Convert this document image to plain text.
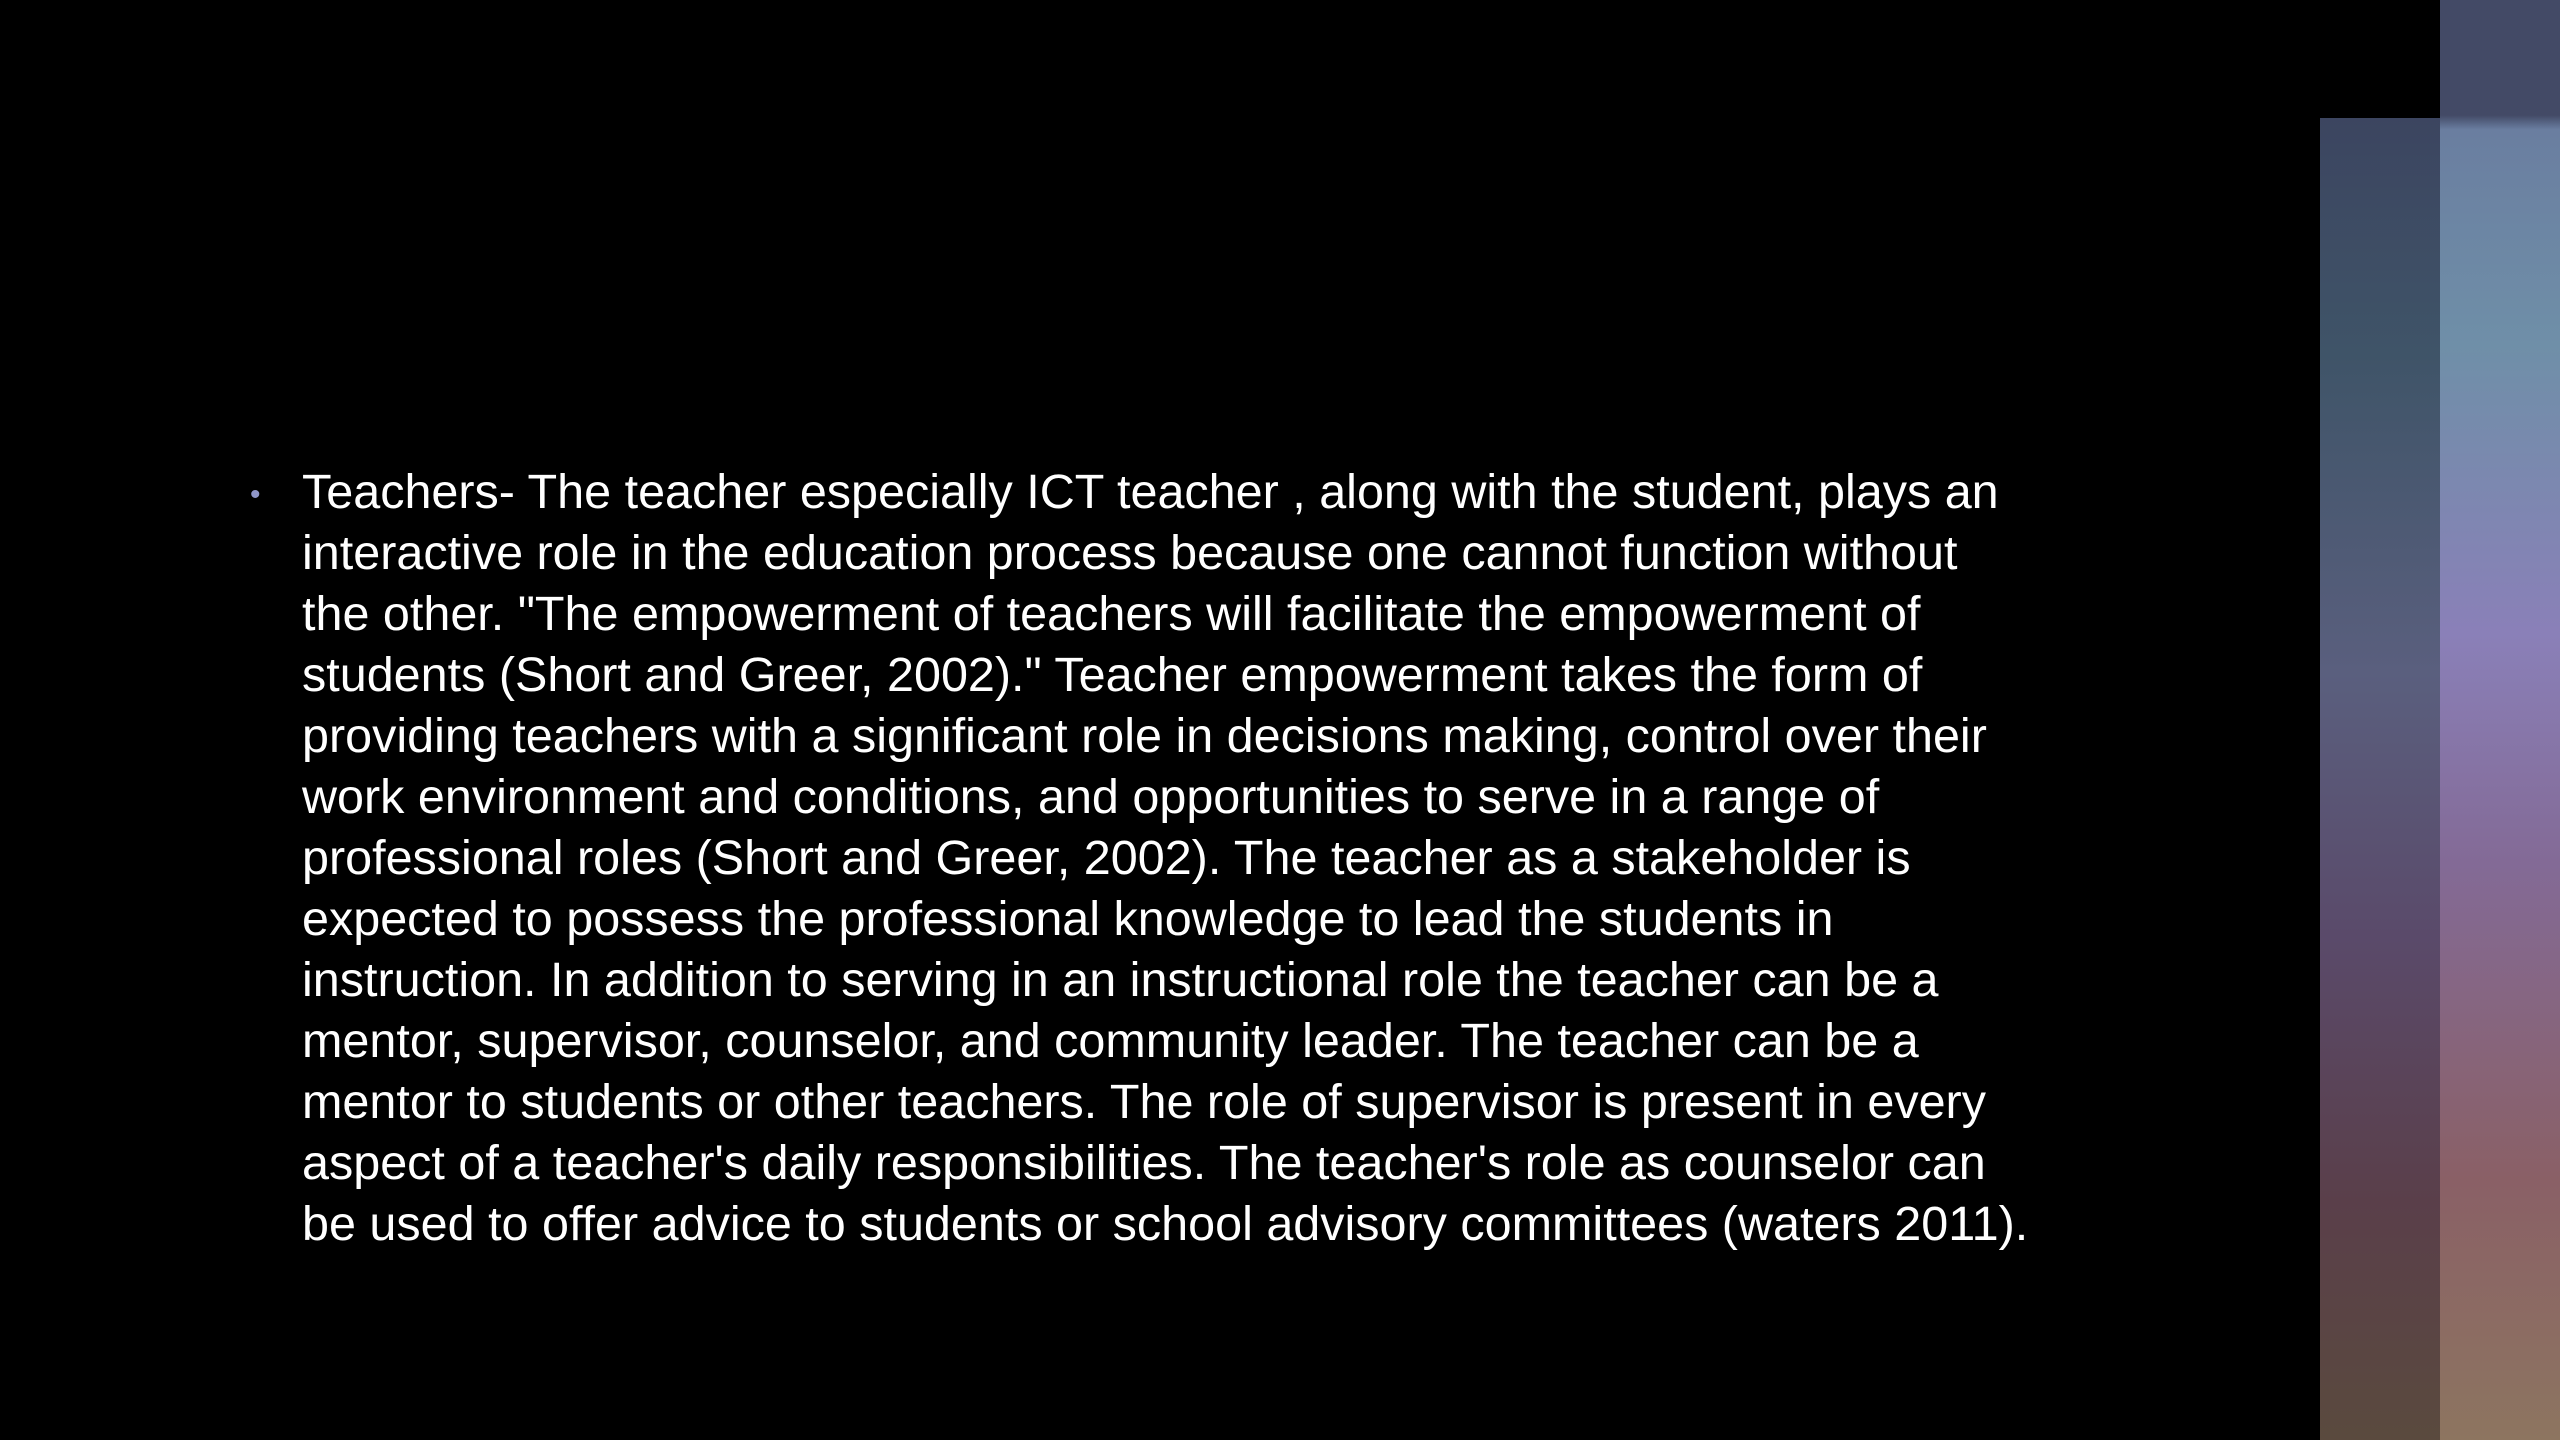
• Teachers- The teacher especially ICT teacher , along with the student, plays an
interactive role in the education process because one cannot function without
the other. "The empowerment of teachers will facilitate the empowerment of
students (Short and Greer, 2002)." Teacher empowerment takes the form of
providing teachers with a significant role in decisions making, control over their
work environment and conditions, and opportunities to serve in a range of
professional roles (Short and Greer, 2002). The teacher as a stakeholder is
expected to possess the professional knowledge to lead the students in
instruction. In addition to serving in an instructional role the teacher can be a
mentor, supervisor, counselor, and community leader. The teacher can be a
mentor to students or other teachers. The role of supervisor is present in every
aspect of a teacher's daily responsibilities. The teacher's role as counselor can
be used to offer advice to students or school advisory committees (waters 2011).
